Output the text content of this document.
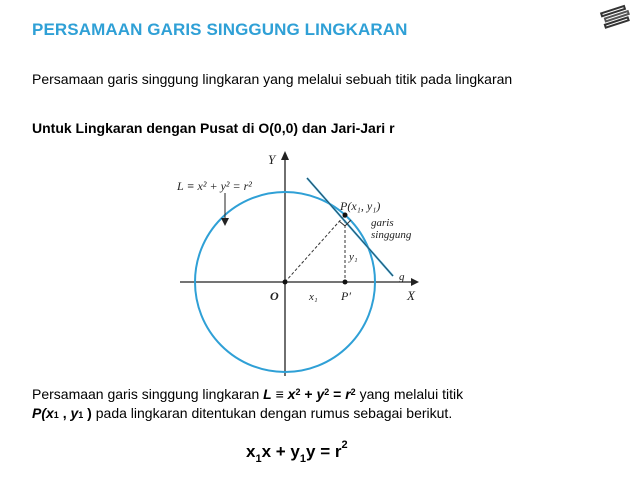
PERSAMAAN GARIS SINGGUNG LINGKARAN
Persamaan garis singgung lingkaran yang melalui sebuah titik pada lingkaran
Untuk Lingkaran dengan Pusat di O(0,0) dan Jari-Jari r
Y
X
O
L ≡ x² + y² = r²
P(x₁, y₁)
garis
singgung
y₁
x₁ P′
g
Persamaan garis singgung lingkaran $L \equiv x^2 + y^2 = r^2$ yang melalui titik
$P(x_1$ , $y_1$ ) pada lingkaran ditentukan dengan rumus sebagai berikut.
$x_1x + y_1y = r^2$
